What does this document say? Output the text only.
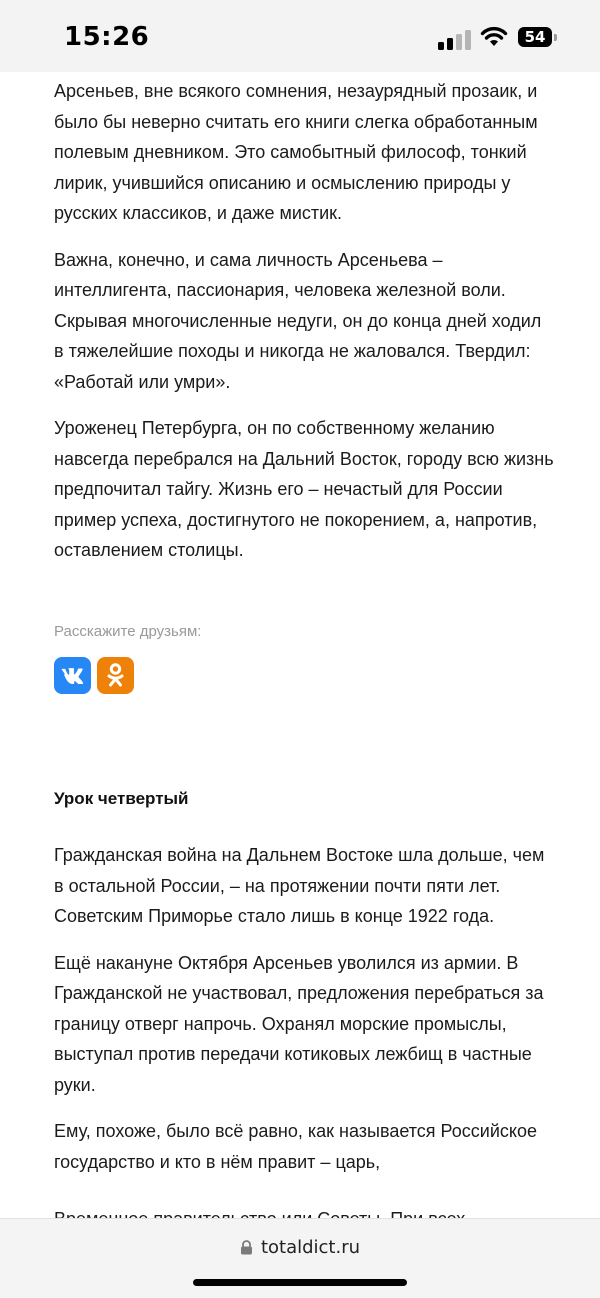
15:26	54

Арсеньев, вне всякого сомнения, незаурядный прозаик, и было бы неверно считать его книги слегка обработанным полевым дневником. Это самобытный философ, тонкий лирик, учившийся описанию и осмыслению природы у русских классиков, и даже мистик.

Важна, конечно, и сама личность Арсеньева – интеллигента, пассионария, человека железной воли. Скрывая многочисленные недуги, он до конца дней ходил в тяжелейшие походы и никогда не жаловался. Твердил: «Работай или умри».

Уроженец Петербурга, он по собственному желанию навсегда перебрался на Дальний Восток, городу всю жизнь предпочитал тайгу. Жизнь его – нечастый для России пример успеха, достигнутого не покорением, а, напротив, оставлением столицы.

Расскажите друзьям:
Урок четвертый

Гражданская война на Дальнем Востоке шла дольше, чем в остальной России, – на протяжении почти пяти лет. Советским Приморье стало лишь в конце 1922 года.

Ещё накануне Октября Арсеньев уволился из армии. В Гражданской не участвовал, предложения перебраться за границу отверг напрочь. Охранял морские промыслы, выступал против передачи котиковых лежбищ в частные руки.

Ему, похоже, было всё равно, как называется Российское государство и кто в нём правит – царь,

totaldict.ru
